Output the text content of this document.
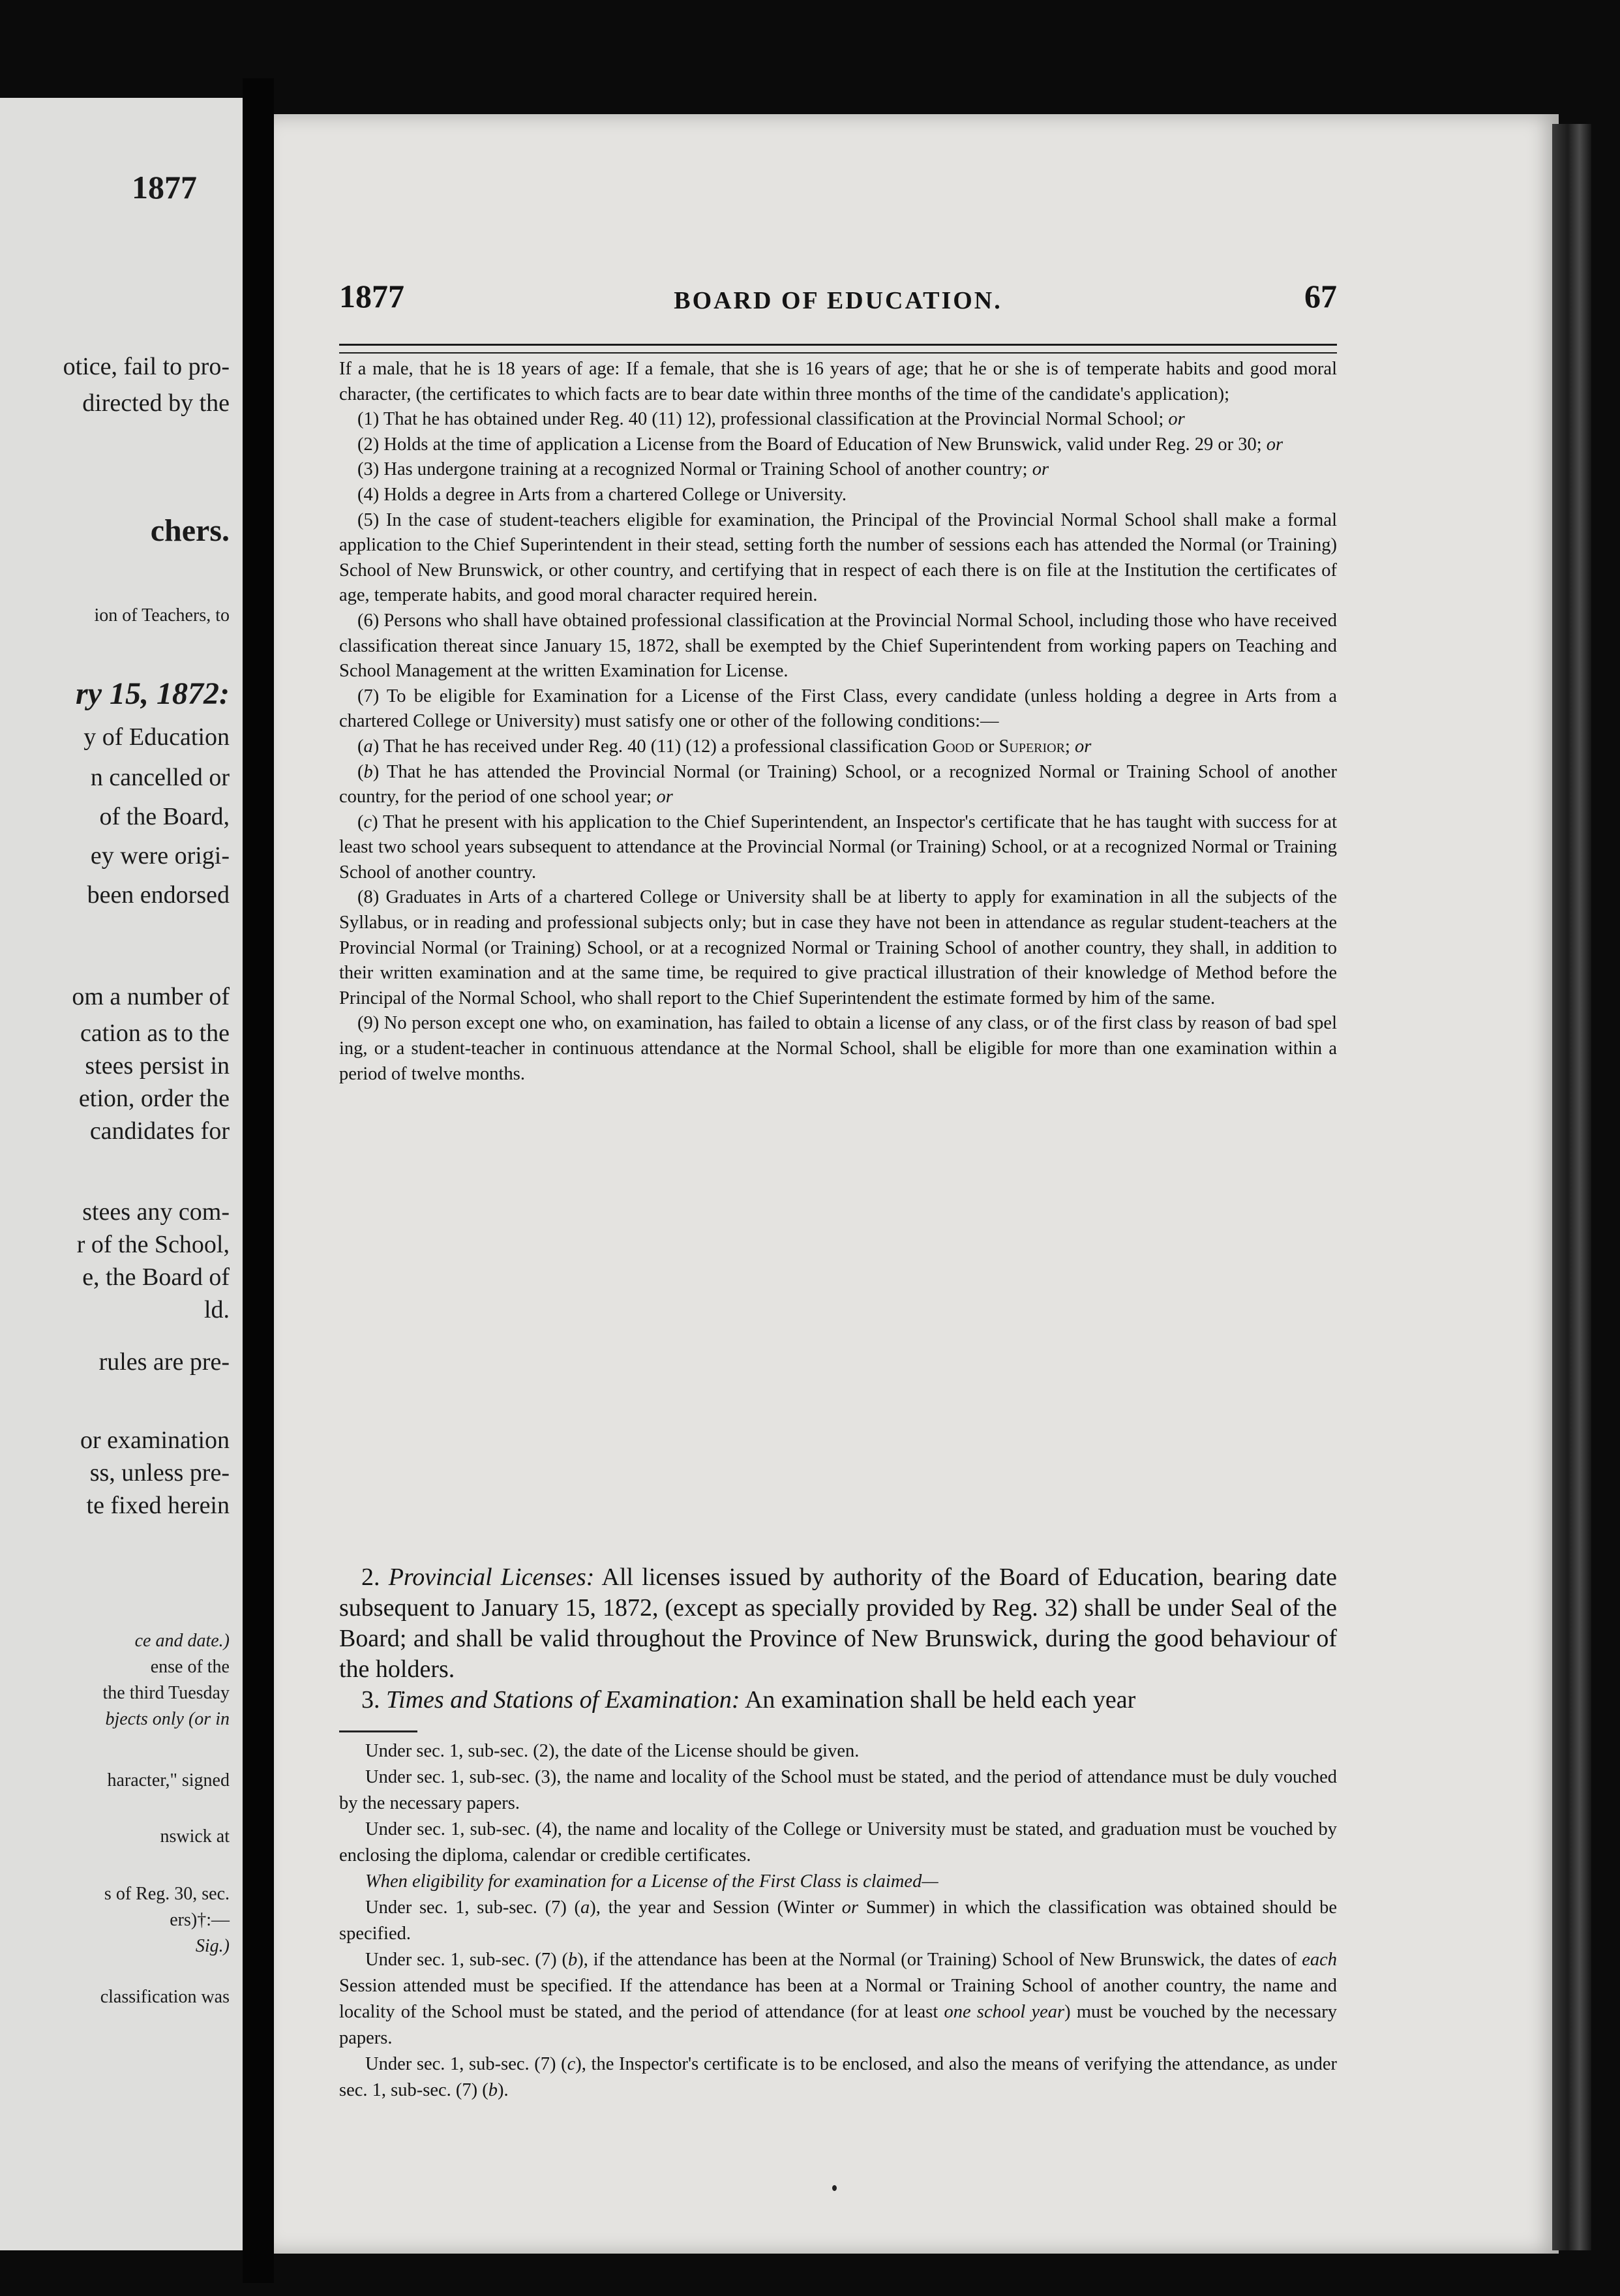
1877
otice, fail to pro-
directed by the
chers.
ion of Teachers, to
ry 15, 1872:
y of Education
n cancelled or
of the Board,
ey were origi-
been endorsed
om a number of
cation as to the
stees persist in
etion, order the
candidates for
stees any com-
r of the School,
e, the Board of
ld.
rules are pre-
or examination
ss, unless pre-
te fixed herein
ce and date.)
ense of the
the third Tuesday
bjects only (or in
haracter," signed
nswick at
s of Reg. 30, sec.
ers)†:—
Sig.)
classification was
1877	BOARD OF EDUCATION.	67

If a male, that he is 18 years of age: If a female, that she is 16 years of age; that he or she is of temperate habits and good moral character, (the certificates to which facts are to bear date within three months of the time of the candidate's application);

(1) That he has obtained under Reg. 40 (11) 12), professional classification at the Provincial Normal School; or

(2) Holds at the time of application a License from the Board of Education of New Brunswick, valid under Reg. 29 or 30; or

(3) Has undergone training at a recognized Normal or Training School of another country; or

(4) Holds a degree in Arts from a chartered College or University.

(5) In the case of student-teachers eligible for examination, the Principal of the Provincial Normal School shall make a formal application to the Chief Superintendent in their stead, setting forth the number of sessions each has attended the Normal (or Training) School of New Brunswick, or other country, and certifying that in respect of each there is on file at the Institution the certificates of age, temperate habits, and good moral character required herein.

(6) Persons who shall have obtained professional classification at the Provincial Normal School, including those who have received classification thereat since January 15, 1872, shall be exempted by the Chief Superintendent from working papers on Teaching and School Management at the written Examination for License.

(7) To be eligible for Examination for a License of the First Class, every candidate (unless holding a degree in Arts from a chartered College or University) must satisfy one or other of the following conditions:—

(a) That he has received under Reg. 40 (11) (12) a professional classification Good or Superior; or

(b) That he has attended the Provincial Normal (or Training) School, or a recognized Normal or Training School of another country, for the period of one school year; or

(c) That he present with his application to the Chief Superintendent, an Inspector's certificate that he has taught with success for at least two school years subsequent to attendance at the Provincial Normal (or Training) School, or at a recognized Normal or Training School of another country.

(8) Graduates in Arts of a chartered College or University shall be at liberty to apply for examination in all the subjects of the Syllabus, or in reading and professional subjects only; but in case they have not been in attendance as regular student-teachers at the Provincial Normal (or Training) School, or at a recognized Normal or Training School of another country, they shall, in addition to their written examination and at the same time, be required to give practical illustration of their knowledge of Method before the Principal of the Normal School, who shall report to the Chief Superintendent the estimate formed by him of the same.

(9) No person except one who, on examination, has failed to obtain a license of any class, or of the first class by reason of bad spel ing, or a student-teacher in continuous attendance at the Normal School, shall be eligible for more than one examination within a period of twelve months.

2. Provincial Licenses: All licenses issued by authority of the Board of Education, bearing date subsequent to January 15, 1872, (except as specially provided by Reg. 32) shall be under Seal of the Board; and shall be valid throughout the Province of New Brunswick, during the good behaviour of the holders.

3. Times and Stations of Examination: An examination shall be held each year

Under sec. 1, sub-sec. (2), the date of the License should be given.

Under sec. 1, sub-sec. (3), the name and locality of the School must be stated, and the period of attendance must be duly vouched by the necessary papers.

Under sec. 1, sub-sec. (4), the name and locality of the College or University must be stated, and graduation must be vouched by enclosing the diploma, calendar or credible certificates.

When eligibility for examination for a License of the First Class is claimed—

Under sec. 1, sub-sec. (7) (a), the year and Session (Winter or Summer) in which the classification was obtained should be specified.

Under sec. 1, sub-sec. (7) (b), if the attendance has been at the Normal (or Training) School of New Brunswick, the dates of each Session attended must be specified. If the attendance has been at a Normal or Training School of another country, the name and locality of the School must be stated, and the period of attendance (for at least one school year) must be vouched by the necessary papers.

Under sec. 1, sub-sec. (7) (c), the Inspector's certificate is to be enclosed, and also the means of verifying the attendance, as under sec. 1, sub-sec. (7) (b).
